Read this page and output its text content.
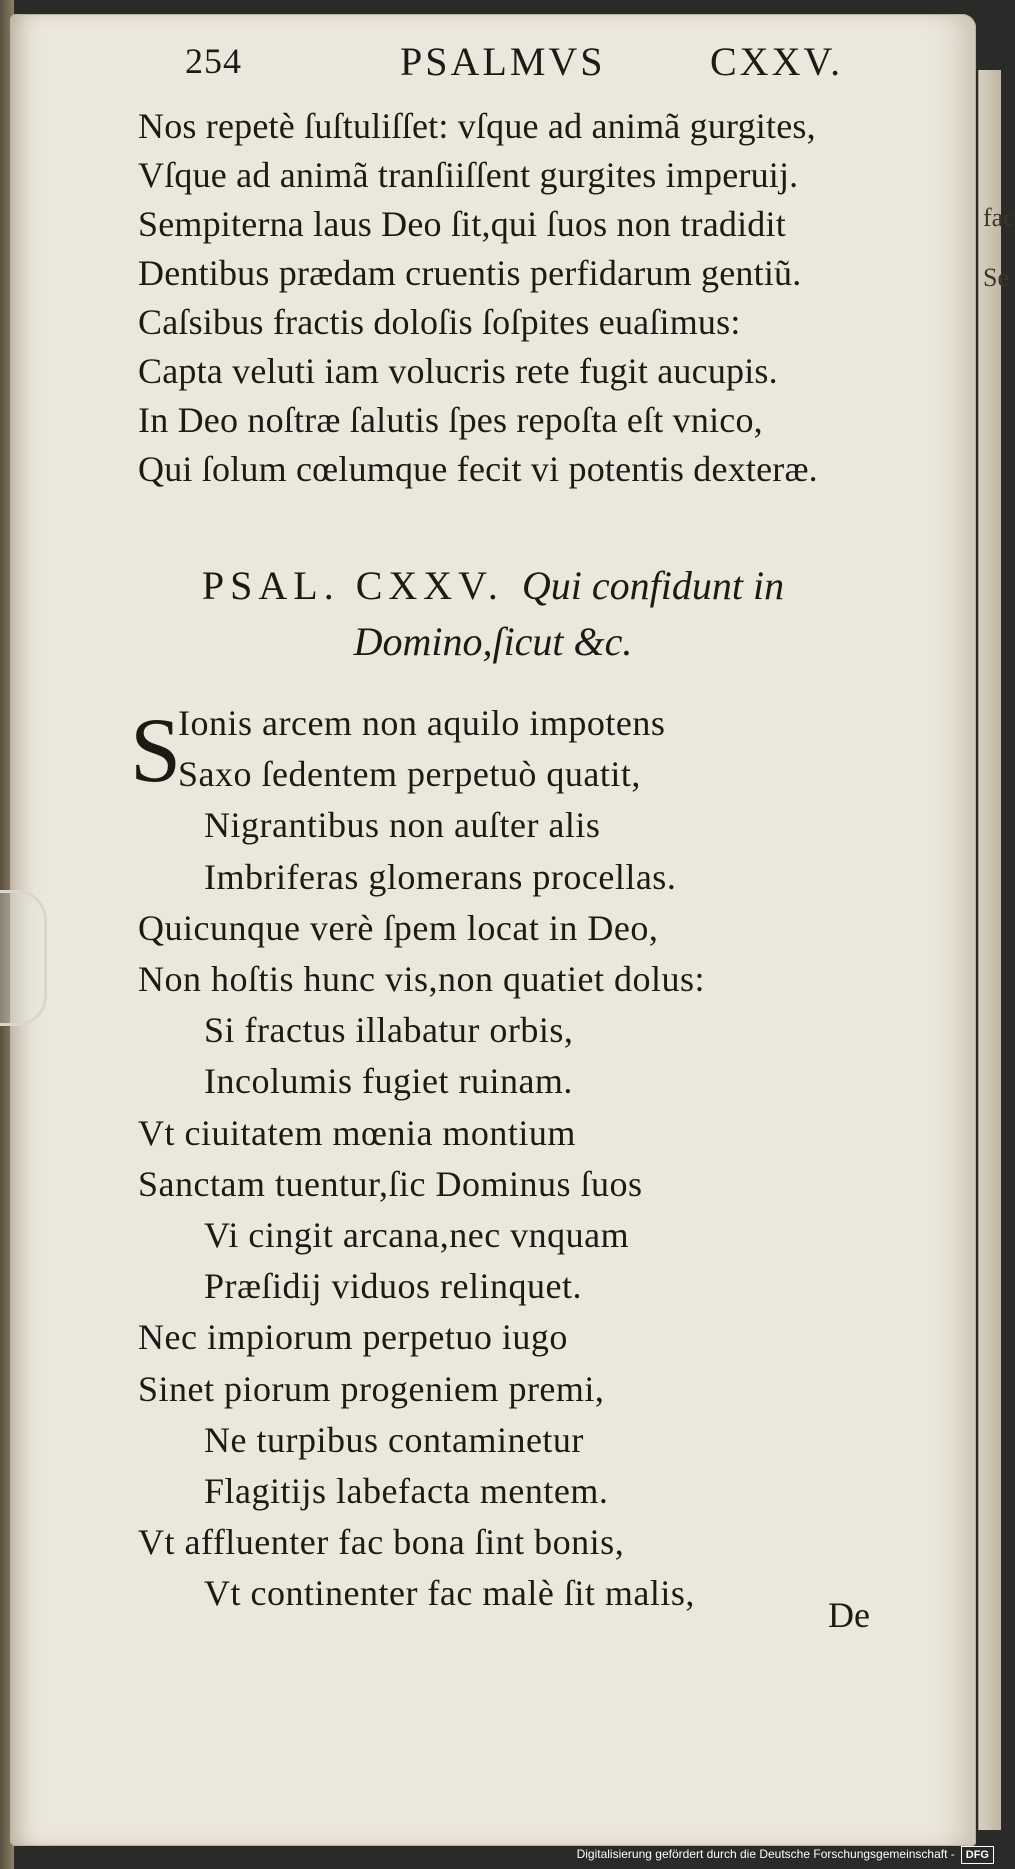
254	PSALMVS	CXXV.
Nos repetè ſuſtuliſſet: vſque ad animã gurgites,
Vſque ad animã tranſiiſſent gurgites imperuij.
Sempiterna laus Deo ſit,qui ſuos non tradidit
Dentibus prædam cruentis perfidarum gentiũ.
Caſsibus fractis doloſis ſoſpites euaſimus:
Capta veluti iam volucris rete fugit aucupis.
In Deo noſtræ ſalutis ſpes repoſta eſt vnico,
Qui ſolum cœlumque fecit vi potentis dexteræ.
PSAL. CXXV. Qui confidunt in
Domino,ſicut &c.
S
Ionis arcem non aquilo impotens
Saxo ſedentem perpetuò quatit,
Nigrantibus non auſter alis
Imbriferas glomerans procellas.
Quicunque verè ſpem locat in Deo,
Non hoſtis hunc vis,non quatiet dolus:
Si fractus illabatur orbis,
Incolumis fugiet ruinam.
Vt ciuitatem mœnia montium
Sanctam tuentur,ſic Dominus ſuos
Vi cingit arcana,nec vnquam
Præſidij viduos relinquet.
Nec impiorum perpetuo iugo
Sinet piorum progeniem premi,
Ne turpibus contaminetur
Flagitijs labefacta mentem.
Vt affluenter fac bona ſint bonis,
Vt continenter fac malè ſit malis,
De
fac
Se
Digitalisierung gefördert durch die Deutsche Forschungsgemeinschaft - DFG
